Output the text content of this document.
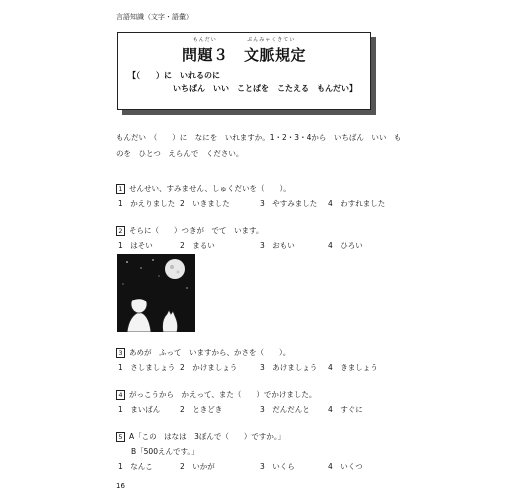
言語知識（文字・語彙）
もんだい	ぶんみゃくきてい
問題３　文脈規定
【（　　）に　いれるのに
いちばん　いい　ことばを　こたえる　もんだい】
もんだい　（　　）に　なにを　いれますか。1・2・3・4から　いちばん　いい　も
のを　ひとつ　えらんで　ください。
1 せんせい、すみません、しゅくだいを（　　）。
1　かえりました 2　いきました	3　やすみました 4　わすれました
2 そらに（　　）つきが　でて　います。
1　はそい	2　まるい	3　おもい	4　ひろい
3 あめが　ふって　いますから、かさを（　　）。
1　さしましょう 2　かけましょう	3　あけましょう 4　きましょう
4 がっこうから　かえって、また（　　）でかけました。
1　まいばん	2　ときどき	3　だんだんと 4　すぐに
5 A「この　はなは　3ぼんで（　　）ですか。」
B「500えんです。」
1　なんこ	2　いかが	3　いくら	4　いくつ
16
